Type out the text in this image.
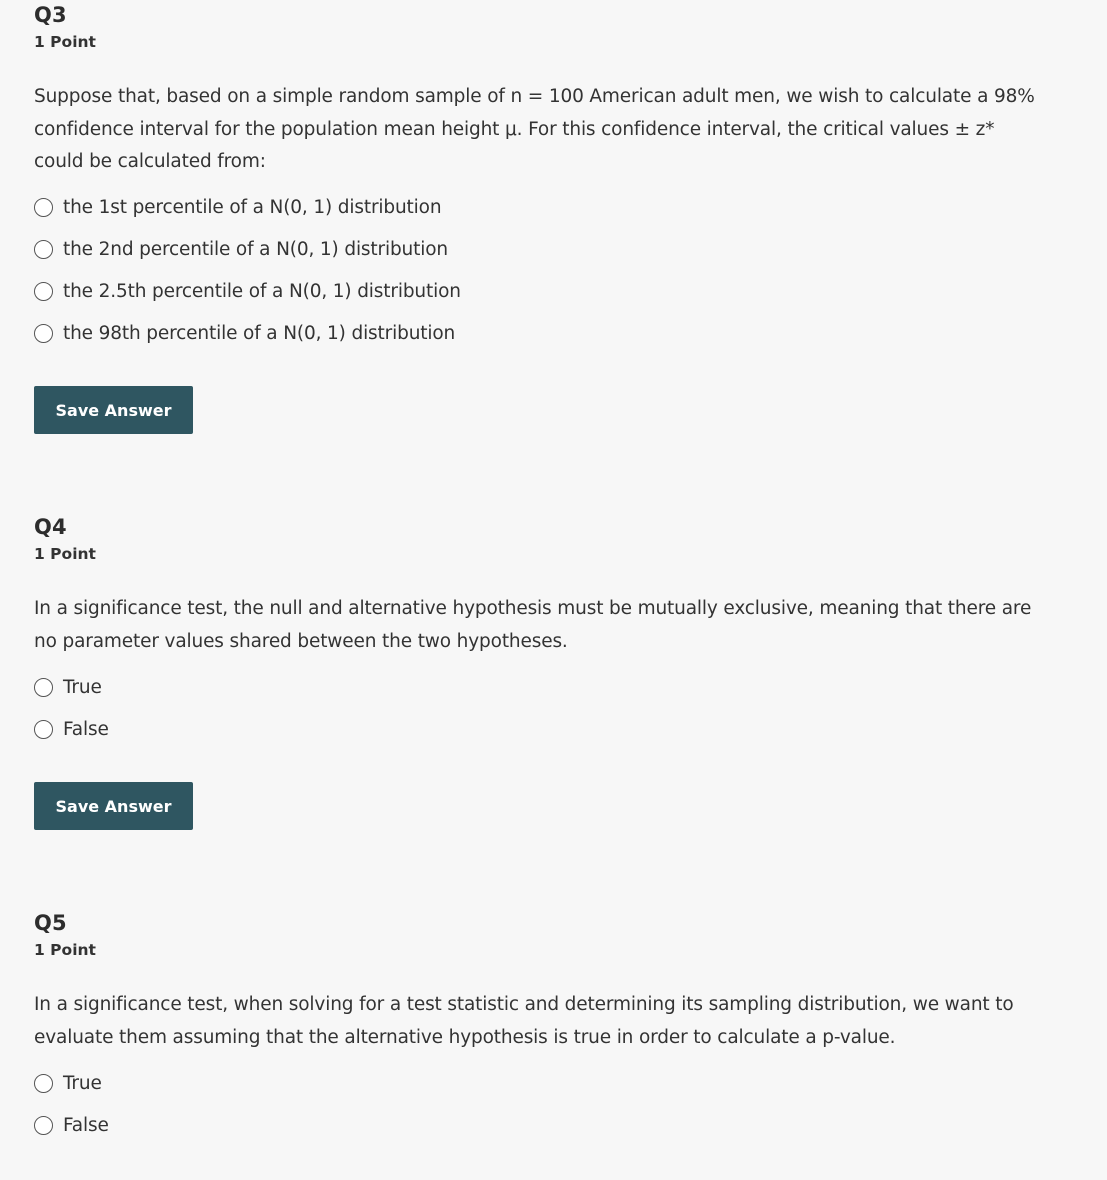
Q3
1 Point
Suppose that, based on a simple random sample of n = 100 American adult men, we wish to calculate a 98% confidence interval for the population mean height μ. For this confidence interval, the critical values ± z* could be calculated from:
the 1st percentile of a N(0, 1) distribution
the 2nd percentile of a N(0, 1) distribution
the 2.5th percentile of a N(0, 1) distribution
the 98th percentile of a N(0, 1) distribution
Save Answer
Q4
1 Point
In a significance test, the null and alternative hypothesis must be mutually exclusive, meaning that there are no parameter values shared between the two hypotheses.
True
False
Save Answer
Q5
1 Point
In a significance test, when solving for a test statistic and determining its sampling distribution, we want to evaluate them assuming that the alternative hypothesis is true in order to calculate a p-value.
True
False
